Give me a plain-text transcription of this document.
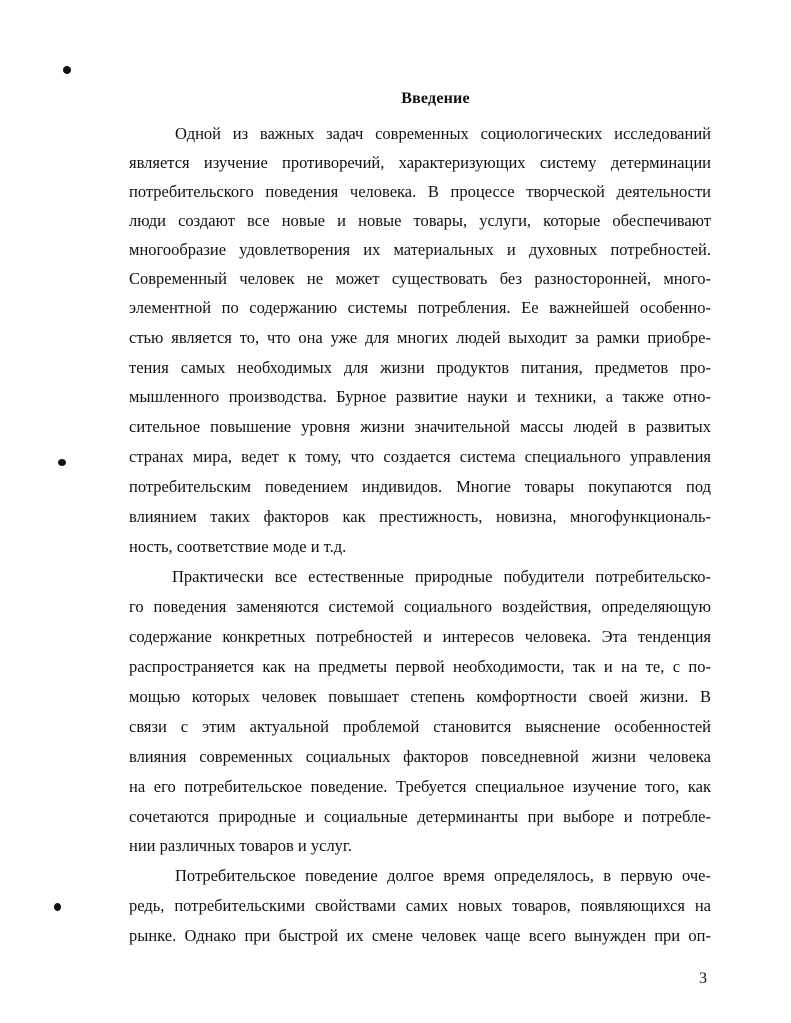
Введение
Одной из важных задач современных социологических исследований
является изучение противоречий, характеризующих систему детерминации
потребительского поведения человека. В процессе творческой деятельности
люди создают все новые и новые товары, услуги, которые обеспечивают
многообразие удовлетворения их материальных и духовных потребностей.
Современный человек не может существовать без разносторонней, много-
элементной по содержанию системы потребления. Ее важнейшей особенно-
стью является то, что она уже для многих людей выходит за рамки приобре-
тения самых необходимых для жизни продуктов питания, предметов про-
мышленного производства. Бурное развитие науки и техники, а также отно-
сительное повышение уровня жизни значительной массы людей в развитых
странах мира, ведет к тому, что создается система специального управления
потребительским поведением индивидов. Многие товары покупаются под
влиянием таких факторов как престижность, новизна, многофункциональ-
ность, соответствие моде и т.д.
Практически все естественные природные побудители потребительско-
го поведения заменяются системой социального воздействия, определяющую
содержание конкретных потребностей и интересов человека. Эта тенденция
распространяется как на предметы первой необходимости, так и на те, с по-
мощью которых человек повышает степень комфортности своей жизни. В
связи с этим актуальной проблемой становится выяснение особенностей
влияния современных социальных факторов повседневной жизни человека
на его потребительское поведение. Требуется специальное изучение того, как
сочетаются природные и социальные детерминанты при выборе и потребле-
нии различных товаров и услуг.
Потребительское поведение долгое время определялось, в первую оче-
редь, потребительскими свойствами самих новых товаров, появляющихся на
рынке. Однако при быстрой их смене человек чаще всего вынужден при оп-
3
